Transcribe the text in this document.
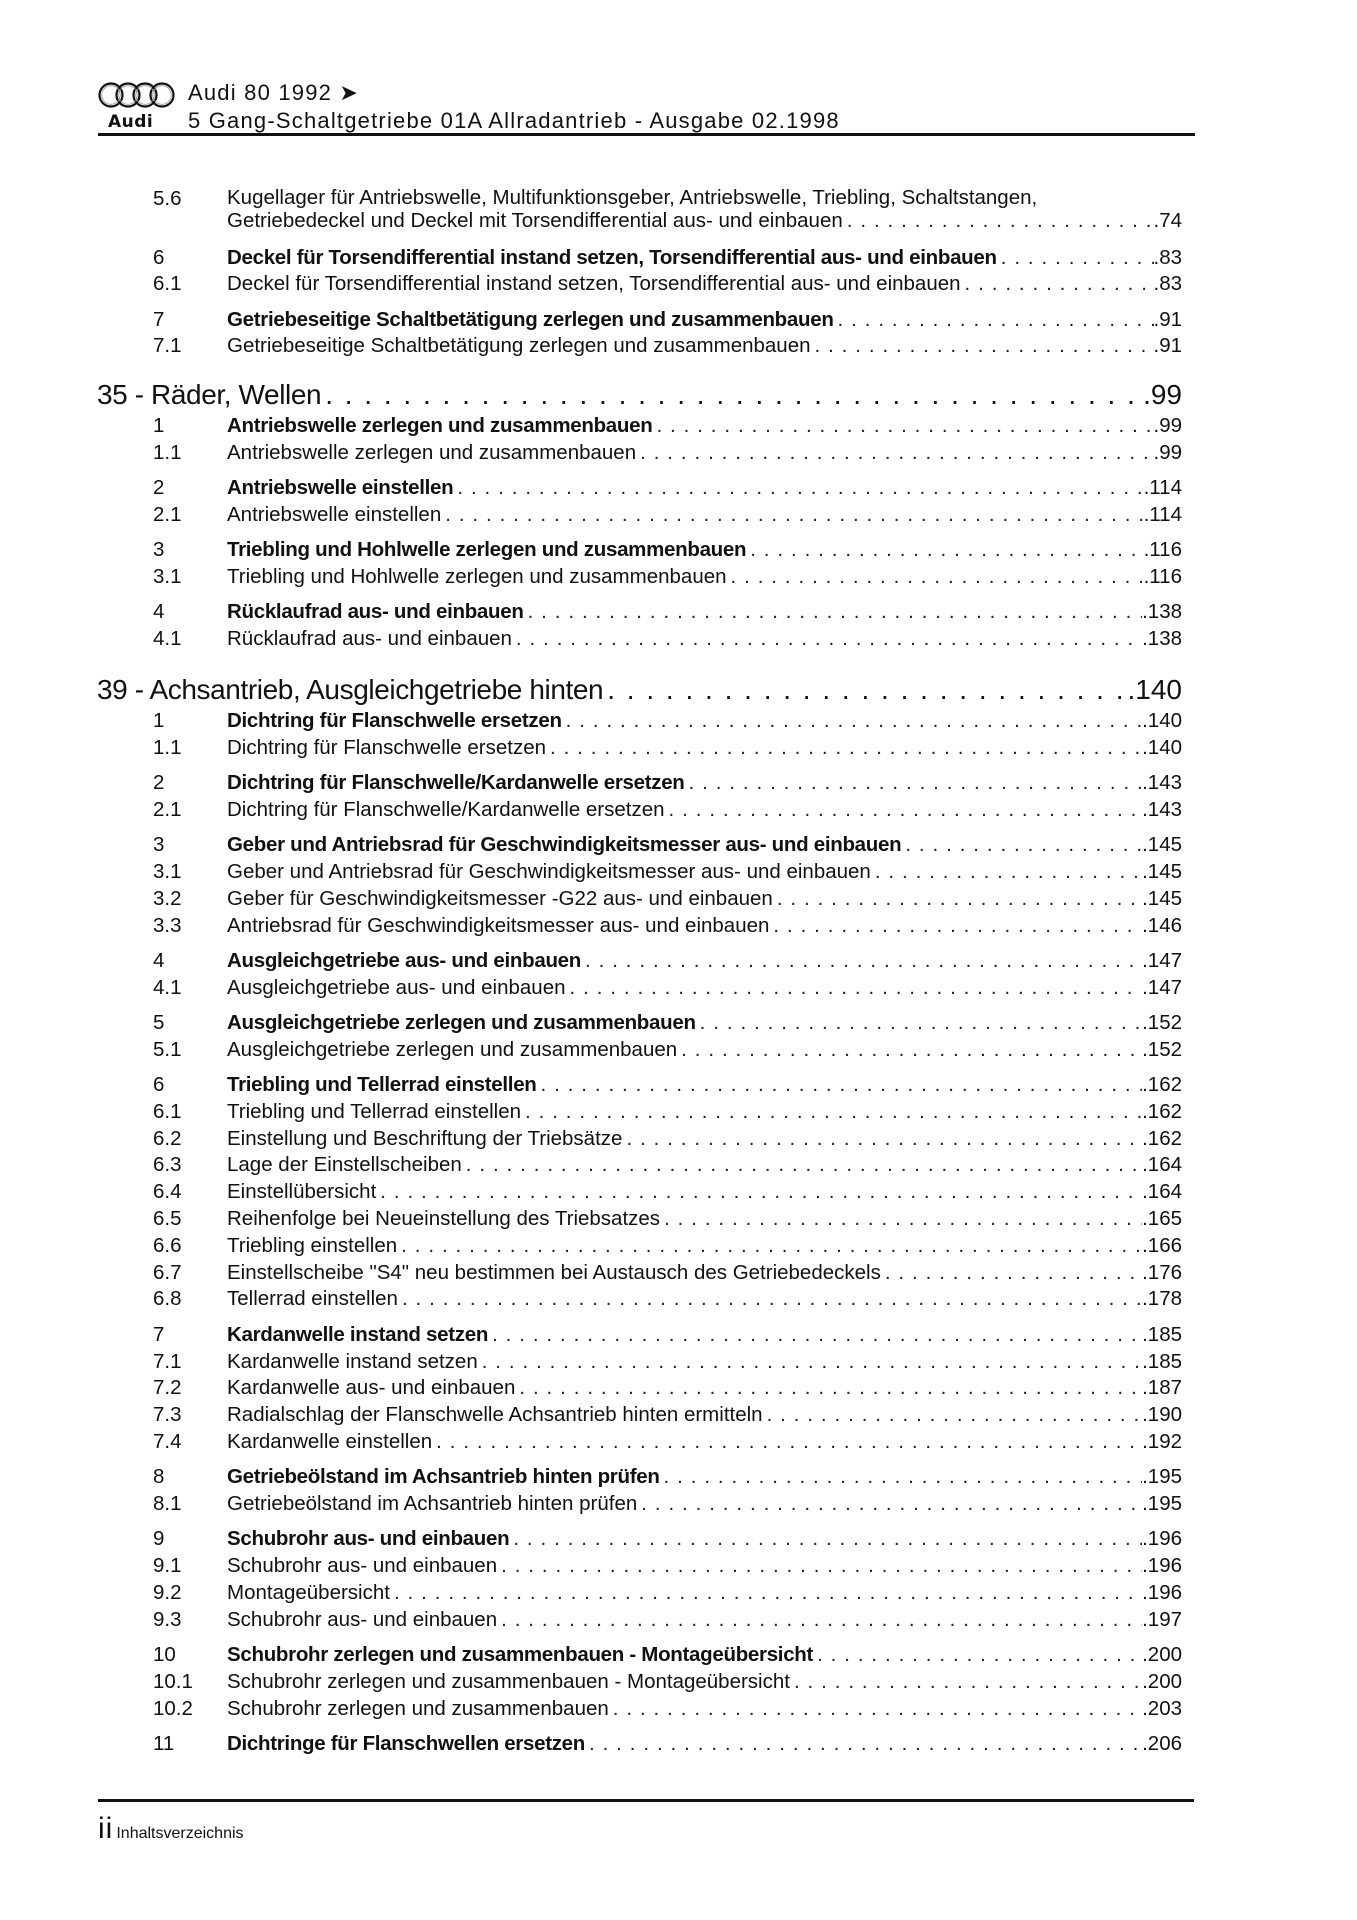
Audi
Audi 80 1992 ➤
5 Gang-Schaltgetriebe 01A Allradantrieb - Ausgabe 02.1998
5.6 Kugellager für Antriebswelle, Multifunktionsgeber, Antriebswelle, Triebling, Schaltstangen,
Getriebedeckel und Deckel mit Torsendifferential aus- und einbauen . . .	.74
6	Deckel für Torsendifferential instand setzen, Torsendifferential aus- und einbauen . . .	.83
6.1 Deckel für Torsendifferential instand setzen, Torsendifferential aus- und einbauen . . .	.83
7	Getriebeseitige Schaltbetätigung zerlegen und zusammenbauen . . .	.91
7.1 Getriebeseitige Schaltbetätigung zerlegen und zusammenbauen . . .	.91
35 - Räder, Wellen . . .	.99
1	Antriebswelle zerlegen und zusammenbauen . . .	.99
1.1 Antriebswelle zerlegen und zusammenbauen . . .	.99
2	Antriebswelle einstellen . . .	.114
2.1 Antriebswelle einstellen . . .	.114
3	Triebling und Hohlwelle zerlegen und zusammenbauen . . .	.116
3.1 Triebling und Hohlwelle zerlegen und zusammenbauen . . .	.116
4	Rücklaufrad aus- und einbauen . . .	.138
4.1 Rücklaufrad aus- und einbauen . . .	.138
39 - Achsantrieb, Ausgleichgetriebe hinten . . .	.140
1	Dichtring für Flanschwelle ersetzen . . .	.140
1.1 Dichtring für Flanschwelle ersetzen . . .	.140
2	Dichtring für Flanschwelle/Kardanwelle ersetzen . . .	.143
2.1 Dichtring für Flanschwelle/Kardanwelle ersetzen . . .	.143
3	Geber und Antriebsrad für Geschwindigkeitsmesser aus- und einbauen . . .	.145
3.1 Geber und Antriebsrad für Geschwindigkeitsmesser aus- und einbauen . . .	.145
3.2 Geber für Geschwindigkeitsmesser -G22 aus- und einbauen . . .	.145
3.3 Antriebsrad für Geschwindigkeitsmesser aus- und einbauen . . .	.146
4	Ausgleichgetriebe aus- und einbauen . . .	.147
4.1 Ausgleichgetriebe aus- und einbauen . . .	.147
5	Ausgleichgetriebe zerlegen und zusammenbauen . . .	.152
5.1 Ausgleichgetriebe zerlegen und zusammenbauen . . .	.152
6	Triebling und Tellerrad einstellen . . .	.162
6.1 Triebling und Tellerrad einstellen . . .	.162
6.2 Einstellung und Beschriftung der Triebsätze . . .	.162
6.3 Lage der Einstellscheiben . . .	.164
6.4 Einstellübersicht . . .	.164
6.5 Reihenfolge bei Neueinstellung des Triebsatzes . . .	.165
6.6 Triebling einstellen . . .	.166
6.7 Einstellscheibe "S4" neu bestimmen bei Austausch des Getriebedeckels . . .	.176
6.8 Tellerrad einstellen . . .	.178
7	Kardanwelle instand setzen . . .	.185
7.1 Kardanwelle instand setzen . . .	.185
7.2 Kardanwelle aus- und einbauen . . .	.187
7.3 Radialschlag der Flanschwelle Achsantrieb hinten ermitteln . . .	.190
7.4 Kardanwelle einstellen . . .	.192
8	Getriebeölstand im Achsantrieb hinten prüfen . . .	.195
8.1 Getriebeölstand im Achsantrieb hinten prüfen . . .	.195
9	Schubrohr aus- und einbauen . . .	.196
9.1 Schubrohr aus- und einbauen . . .	.196
9.2 Montageübersicht . . .	.196
9.3 Schubrohr aus- und einbauen . . .	.197
10 Schubrohr zerlegen und zusammenbauen - Montageübersicht . . .	.200
10.1 Schubrohr zerlegen und zusammenbauen - Montageübersicht . . .	.200
10.2 Schubrohr zerlegen und zusammenbauen . . .	.203
11	Dichtringe für Flanschwellen ersetzen . . .	.206
ii Inhaltsverzeichnis
